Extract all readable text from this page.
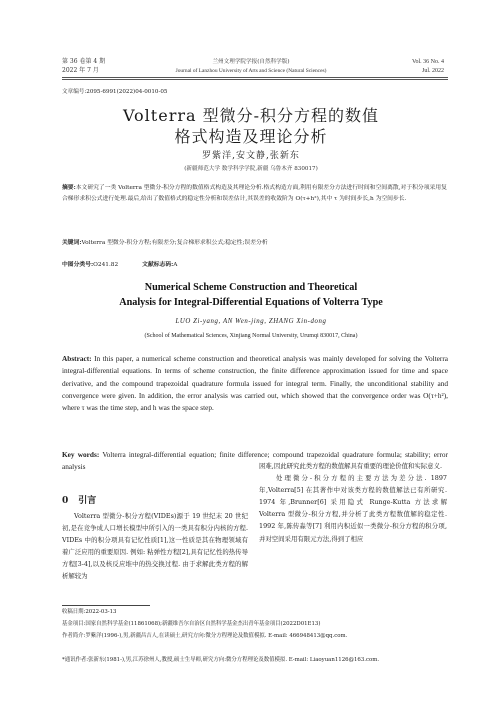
第 36 卷第 4 期
2022 年 7 月
兰州文理学院学报(自然科学版)
Journal of Lanzhou University of Arts and Science (Natural Sciences)
Vol. 36 No. 4
Jul. 2022
文章编号:2095-6991(2022)04-0010-05
Volterra 型微分-积分方程的数值
格式构造及理论分析
罗紫洋,安文静,张新东
(新疆师范大学 数学科学学院,新疆 乌鲁木齐 830017)
摘要:本文研究了一类 Volterra 型微分-积分方程的数值格式构造及其理论分析.格式构造方面,利用有限差分方法进行时间和空间离散,对于积分项采用复合梯形求积公式进行处理.最后,给出了数值格式的稳定性分析和误差估计,其误差的收敛阶为 O(τ+h²),其中 τ 为时间步长,h 为空间步长.
关键词:Volterra 型微分-积分方程;有限差分;复合梯形求积公式;稳定性;误差分析
中图分类号:O241.82	文献标志码:A
Numerical Scheme Construction and Theoretical
Analysis for Integral-Differential Equations of Volterra Type
LUO Zi-yang, AN Wen-jing, ZHANG Xin-dong
(School of Mathematical Sciences, Xinjiang Normal University, Urumqi 830017, China)
Abstract: In this paper, a numerical scheme construction and theoretical analysis was mainly developed for solving the Volterra integral-differential equations. In terms of scheme construction, the finite difference approximation issued for time and space derivative, and the compound trapezoidal quadrature formula issued for integral term. Finally, the unconditional stability and convergence were given. In addition, the error analysis was carried out, which showed that the convergence order was O(τ+h²), where τ was the time step, and h was the space step.
Key words: Volterra integral-differential equation; finite difference; compound trapezoidal quadrature formula; stability; error analysis
0 引言
Volterra 型微分-积分方程(VIDEs)源于 19 世纪末 20 世纪初,是在竞争成人口增长模型中所引入的一类具有积分内核的方程. VIDEs 中的积分项具有记忆性质[1],这一性质是其在物理领域有着广泛应用的重要原因. 例如: 粘弹性方程[2],具有记忆性的热传导方程[3-4],以及核反应堆中的热交换过程. 由于求解此类方程的解析解较为
困难,因此研究此类方程的数值解具有重要的理论价值和实际意义.
　　处理微分-积分方程的主要方法为差分法. 1897 年,Volterra[5] 在其著作中对该类方程的数值解法已有所研究. 1974 年,Brunner[6] 采用隐式 Runge-Kutta 方法求解 Volterra 型微分-积分方程,并分析了此类方程数值解的稳定性. 1992 年,陈传淼等[7] 利用内积近似一类微分-积分方程的积分项,并对空间采用有限元方法,得到了相应
收稿日期:2022-03-13
基金项目:国家自然科学基金(11861068);新疆维吾尔自治区自然科学基金杰出青年基金项目(2022D01E13)
作者简介:罗紫洋(1996-),男,新疆昌吉人,在读硕士,研究方向:微分方程理论及数值模拟. E-mail: 466948413@qq.com.
*通讯作者:张新东(1981-),男,江苏徐州人,教授,硕士生导师,研究方向:微分方程理论及数值模拟. E-mail: Liaoyuan1126@163.com.
